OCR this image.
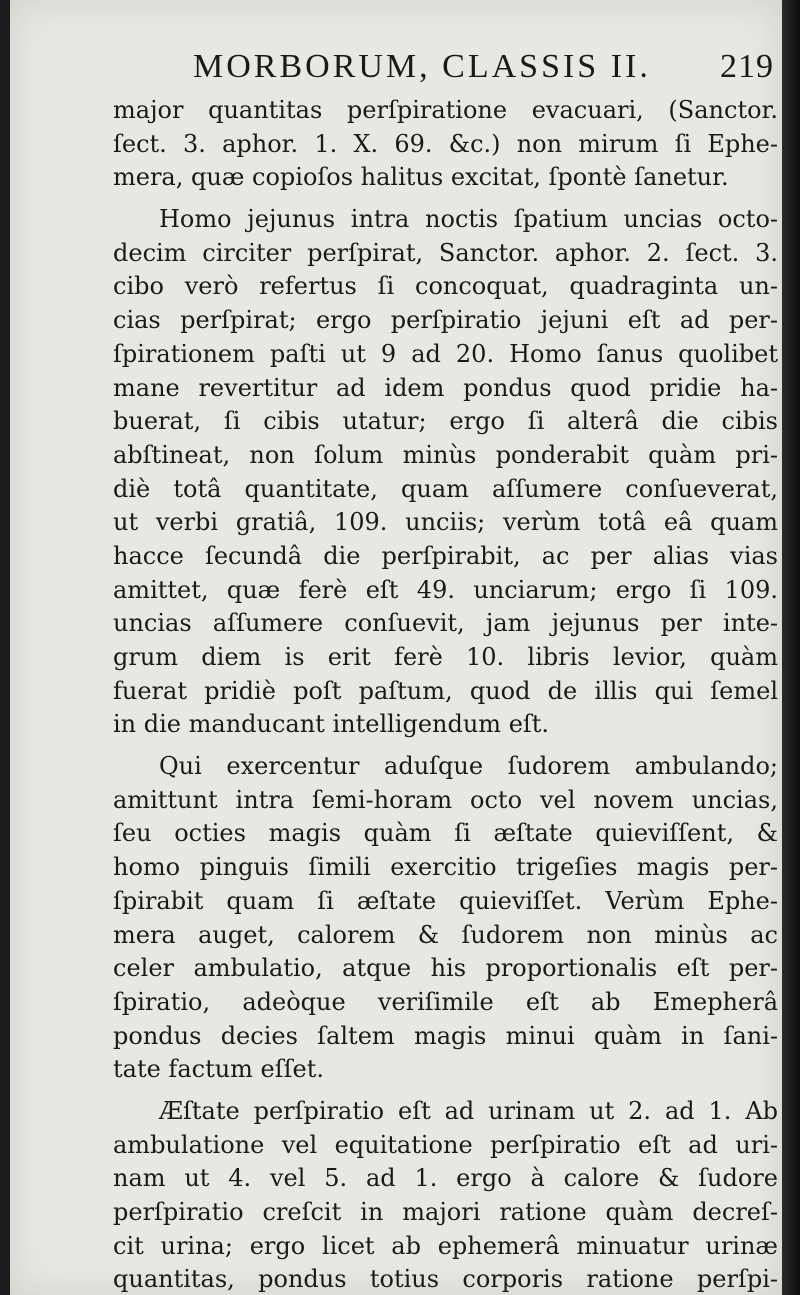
MORBORUM, CLASSIS II. 219
major quantitas perſpiratione evacuari, (Sanctor.
ſect. 3. aphor. 1. X. 69. &c.) non mirum ſi Ephe-
mera, quæ copioſos halitus excitat, ſpontè ſanetur.
Homo jejunus intra noctis ſpatium uncias octo-
decim circiter perſpirat, Sanctor. aphor. 2. ſect. 3.
cibo verò refertus ſi concoquat, quadraginta un-
cias perſpirat; ergo perſpiratio jejuni eſt ad per-
ſpirationem paſti ut 9 ad 20. Homo ſanus quolibet
mane revertitur ad idem pondus quod pridie ha-
buerat, ſi cibis utatur; ergo ſi alterâ die cibis
abſtineat, non ſolum minùs ponderabit quàm pri-
diè totâ quantitate, quam aſſumere conſueverat,
ut verbi gratiâ, 109. unciis; verùm totâ eâ quam
hacce ſecundâ die perſpirabit, ac per alias vias
amittet, quæ ferè eſt 49. unciarum; ergo ſi 109.
uncias aſſumere conſuevit, jam jejunus per inte-
grum diem is erit ferè 10. libris levior, quàm
fuerat pridiè poſt paſtum, quod de illis qui ſemel
in die manducant intelligendum eſt.
Qui exercentur aduſque ſudorem ambulando;
amittunt intra ſemi-horam octo vel novem uncias,
ſeu octies magis quàm ſi æſtate quieviſſent, &
homo pinguis ſimili exercitio trigeſies magis per-
ſpirabit quam ſi æſtate quieviſſet. Verùm Ephe-
mera auget, calorem & ſudorem non minùs ac
celer ambulatio, atque his proportionalis eſt per-
ſpiratio, adeòque veriſimile eſt ab Emepherâ
pondus decies ſaltem magis minui quàm in ſani-
tate factum eſſet.
Æſtate perſpiratio eſt ad urinam ut 2. ad 1. Ab
ambulatione vel equitatione perſpiratio eſt ad uri-
nam ut 4. vel 5. ad 1. ergo à calore & ſudore
perſpiratio creſcit in majori ratione quàm decreſ-
cit urina; ergo licet ab ephemerâ minuatur urinæ
quantitas, pondus totius corporis ratione perſpi-
